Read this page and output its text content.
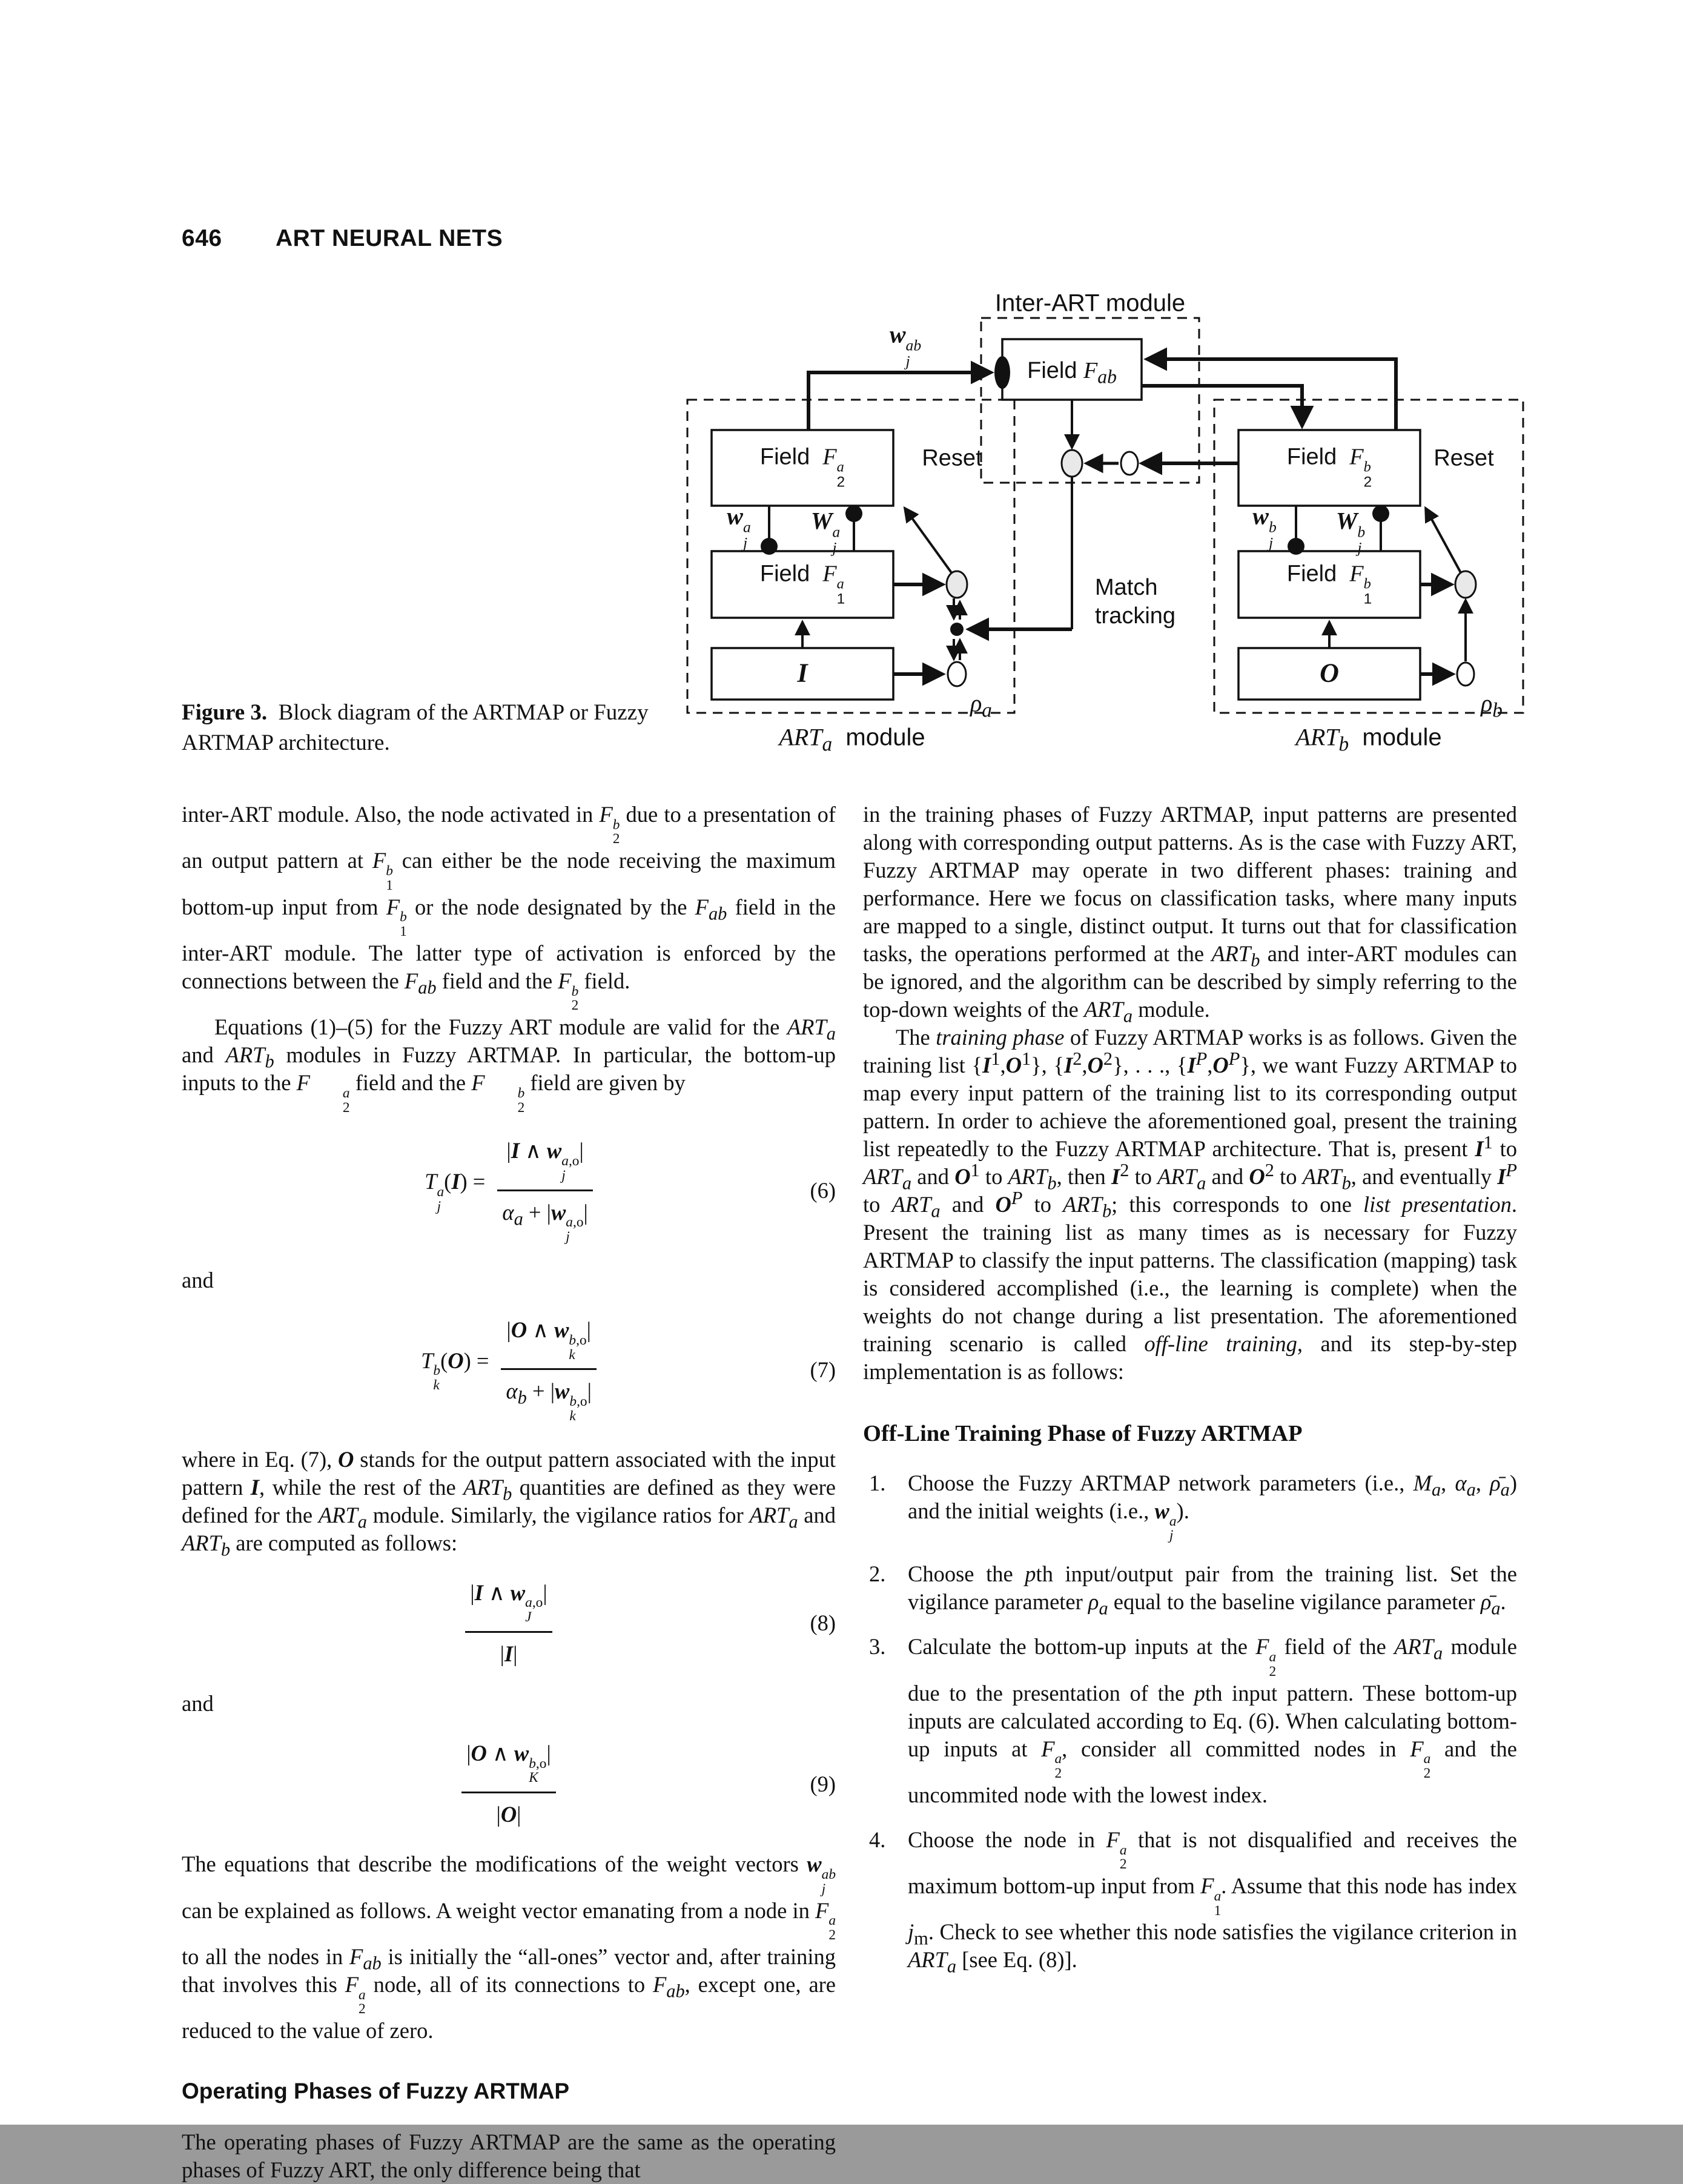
646 ART NEURAL NETS
Inter-ART module
w ab
j	Field $F_{ab}$
Field  F a
2
Reset	Field  F b
2
Reset
w a
j
W a
j
w b
j
W b
j
Field  F a
1
Field  F b
1
Match
tracking
I	O
$\rho_a$	$\rho_b$
$ART_a$  module	$ART_b$  module
Figure 3.  Block diagram of the ARTMAP or Fuzzy
ARTMAP architecture.

inter-ART module. Also, the node activated in F b
2
due to a presentation of an output pattern at F b
1
can either be the node receiving the maximum bottom-up input from F b
1
or the node designated by the $F_{ab}$ field in the inter-ART module. The latter type of activation is enforced by the connections between the $F_{ab}$ field and the F b
2
field.

Equations (1)–(5) for the Fuzzy ART module are valid for the $ART_a$ and $ART_b$ modules in Fuzzy ARTMAP. In particular, the bottom-up inputs to the F	a
2
field and the F	b
2
field are given by

T a
j
(I) = |I ∧ w a,o
j
|
$\alpha_a + |w$ a,o
j
|	(6)

and

T b
k
(O) = |O ∧ w b,o
k
|
$\alpha_b + |w$ b,o
k
|	(7)

where in Eq. (7), O stands for the output pattern associated with the input pattern I, while the rest of the $ART_b$ quantities are defined as they were defined for the $ART_a$ module. Similarly, the vigilance ratios for $ART_a$ and $ART_b$ are computed as follows:

|I ∧ w a,o
J
|
|I|	(8)

and

|O ∧ w b,o
K
|
|O|	(9)

The equations that describe the modifications of the weight vectors w ab
j
can be explained as follows. A weight vector emanating from a node in F a
2
to all the nodes in $F_{ab}$ is initially the “all-ones” vector and, after training that involves this F a
2
node, all of its connections to $F_{ab}$, except one, are reduced to the value of zero.

Operating Phases of Fuzzy ARTMAP

The operating phases of Fuzzy ARTMAP are the same as the operating phases of Fuzzy ART, the only difference being that

in the training phases of Fuzzy ARTMAP, input patterns are presented along with corresponding output patterns. As is the case with Fuzzy ART, Fuzzy ARTMAP may operate in two different phases: training and performance. Here we focus on classification tasks, where many inputs are mapped to a single, distinct output. It turns out that for classification tasks, the operations performed at the $ART_b$ and inter-ART modules can be ignored, and the algorithm can be described by simply referring to the top-down weights of the $ART_a$ module.

The training phase of Fuzzy ARTMAP works is as follows. Given the training list $\{I^1,O^1\}$, $\{I^2,O^2\}$, . . ., $\{I^P,O^P\}$, we want Fuzzy ARTMAP to map every input pattern of the training list to its corresponding output pattern. In order to achieve the aforementioned goal, present the training list repeatedly to the Fuzzy ARTMAP architecture. That is, present $I^1$ to $ART_a$ and $O^1$ to $ART_b$, then $I^2$ to $ART_a$ and $O^2$ to $ART_b$, and eventually $I^P$ to $ART_a$ and $O^P$ to $ART_b$; this corresponds to one list presentation. Present the training list as many times as is necessary for Fuzzy ARTMAP to classify the input patterns. The classification (mapping) task is considered accomplished (i.e., the learning is complete) when the weights do not change during a list presentation. The aforementioned training scenario is called off-line training, and its step-by-step implementation is as follows:

Off-Line Training Phase of Fuzzy ARTMAP
1. Choose the Fuzzy ARTMAP network parameters (i.e., $M_a$, $\alpha_a$, $\rhō_a$) and the initial weights (i.e., w a
j
).
2. Choose the pth input/output pair from the training list. Set the vigilance parameter $\rho_a$ equal to the baseline vigilance parameter $\rhō_a$.
3. Calculate the bottom-up inputs at the F a
2
field of the $ART_a$ module due to the presentation of the pth input pattern. These bottom-up inputs are calculated according to Eq. (6). When calculating bottom-up inputs at F a
2
, consider all committed nodes in F a
2
and the uncommited node with the lowest index.
4. Choose the node in F a
2
that is not disqualified and receives the maximum bottom-up input from F a
1
. Assume that this node has index $j_m$. Check to see whether this node satisfies the vigilance criterion in $ART_a$ [see Eq. (8)].
